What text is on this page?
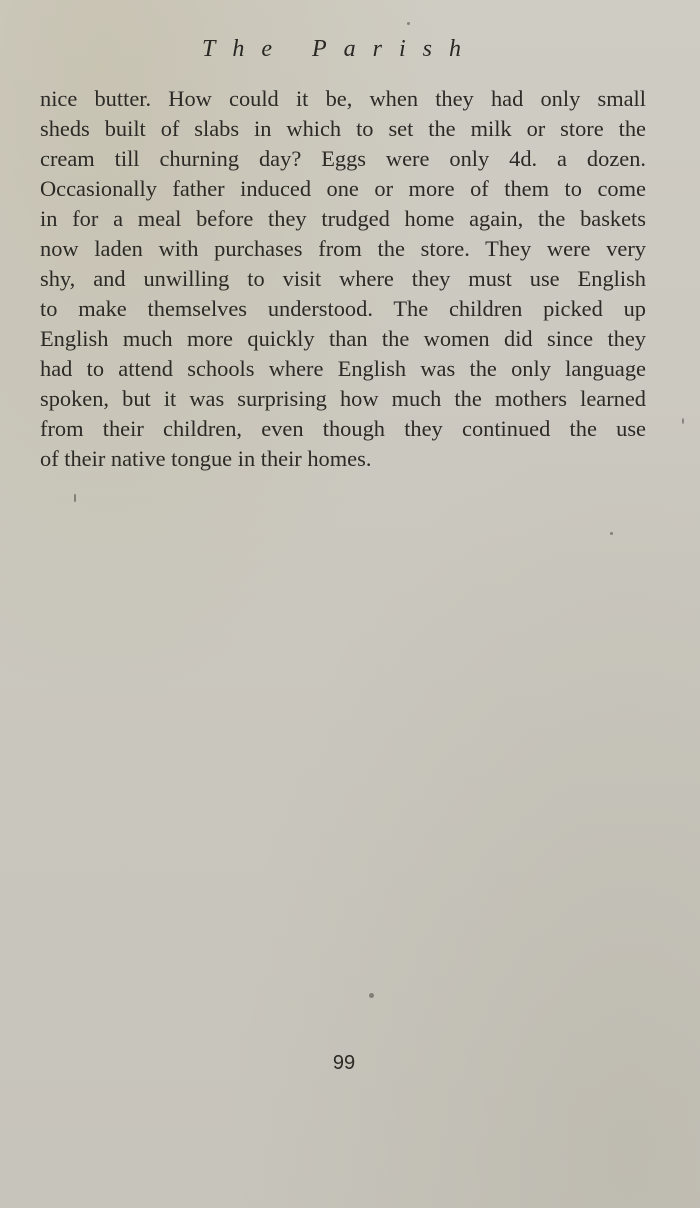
The Parish
nice butter. How could it be, when they had only small
sheds built of slabs in which to set the milk or store the
cream till churning day? Eggs were only 4d. a dozen.
Occasionally father induced one or more of them to come
in for a meal before they trudged home again, the baskets
now laden with purchases from the store. They were very
shy, and unwilling to visit where they must use English
to make themselves understood. The children picked up
English much more quickly than the women did since they
had to attend schools where English was the only language
spoken, but it was surprising how much the mothers learned
from their children, even though they continued the use
of their native tongue in their homes.
99
